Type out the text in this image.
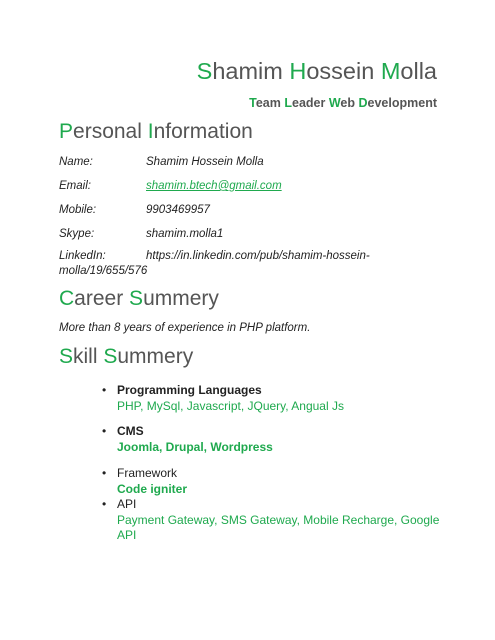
Shamim Hossein Molla
Team Leader Web Development
Personal Information
Name:	Shamim Hossein Molla
Email:	shamim.btech@gmail.com
Mobile:	9903469957
Skype:	shamim.molla1
LinkedIn:	https://in.linkedin.com/pub/shamim-hossein-
molla/19/655/576
Career Summery
More than 8 years of experience in PHP platform.
Skill Summery
• Programming Languages
PHP, MySql, Javascript, JQuery, Angual Js
• CMS
Joomla, Drupal, Wordpress
• Framework
Code igniter
• API
Payment Gateway, SMS Gateway, Mobile Recharge, Google API
